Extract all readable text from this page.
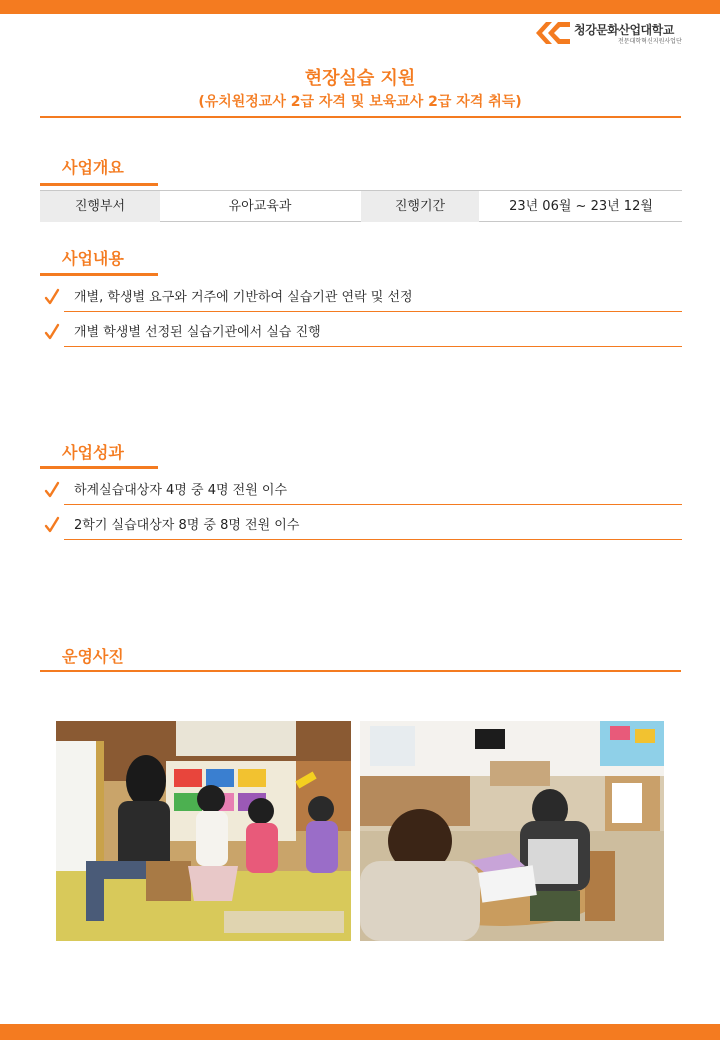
청강문화산업대학교
전문대학혁신지원사업단
현장실습 지원
(유치원정교사 2급 자격 및 보육교사 2급 자격 취득)
사업개요
진행부서	유아교육과	진행기간	23년 06월 ~ 23년 12월
사업내용
개별, 학생별 요구와 거주에 기반하여 실습기관 연락 및 선정
개별 학생별 선정된 실습기관에서 실습 진행
사업성과
하계실습대상자 4명 중 4명 전원 이수
2학기 실습대상자 8명 중 8명 전원 이수
운영사진
